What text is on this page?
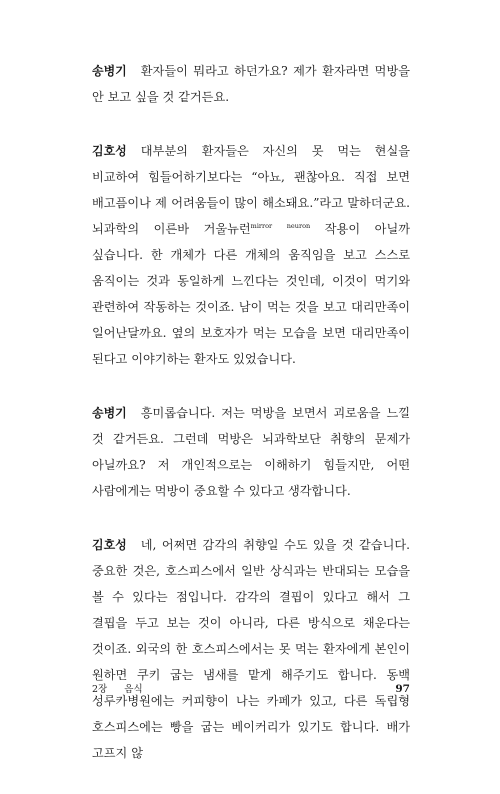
송병기 환자들이 뭐라고 하던가요? 제가 환자라면 먹방을 안 보고 싶을 것 같거든요.

김호성 대부분의 환자들은 자신의 못 먹는 현실을 비교하여 힘들어하기보다는 “아뇨, 괜찮아요. 직접 보면 배고픔이나 제 어려움들이 많이 해소돼요.”라고 말하더군요. 뇌과학의 이른바 거울뉴런$^{mirror}$ $^{neuron}$ 작용이 아닐까 싶습니다. 한 개체가 다른 개체의 움직임을 보고 스스로 움직이는 것과 동일하게 느낀다는 것인데, 이것이 먹기와 관련하여 작동하는 것이죠. 남이 먹는 것을 보고 대리만족이 일어난달까요. 옆의 보호자가 먹는 모습을 보면 대리만족이 된다고 이야기하는 환자도 있었습니다.

송병기 흥미롭습니다. 저는 먹방을 보면서 괴로움을 느낄 것 같거든요. 그런데 먹방은 뇌과학보단 취향의 문제가 아닐까요? 저 개인적으로는 이해하기 힘들지만, 어떤 사람에게는 먹방이 중요할 수 있다고 생각합니다.

김호성 네, 어쩌면 감각의 취향일 수도 있을 것 같습니다. 중요한 것은, 호스피스에서 일반 상식과는 반대되는 모습을 볼 수 있다는 점입니다. 감각의 결핍이 있다고 해서 그 결핍을 두고 보는 것이 아니라, 다른 방식으로 채운다는 것이죠. 외국의 한 호스피스에서는 못 먹는 환자에게 본인이 원하면 쿠키 굽는 냄새를 맡게 해주기도 합니다. 동백 성루카병원에는 커피향이 나는 카페가 있고, 다른 독립형 호스피스에는 빵을 굽는 베이커리가 있기도 합니다. 배가 고프지 않

2장 음식	97
